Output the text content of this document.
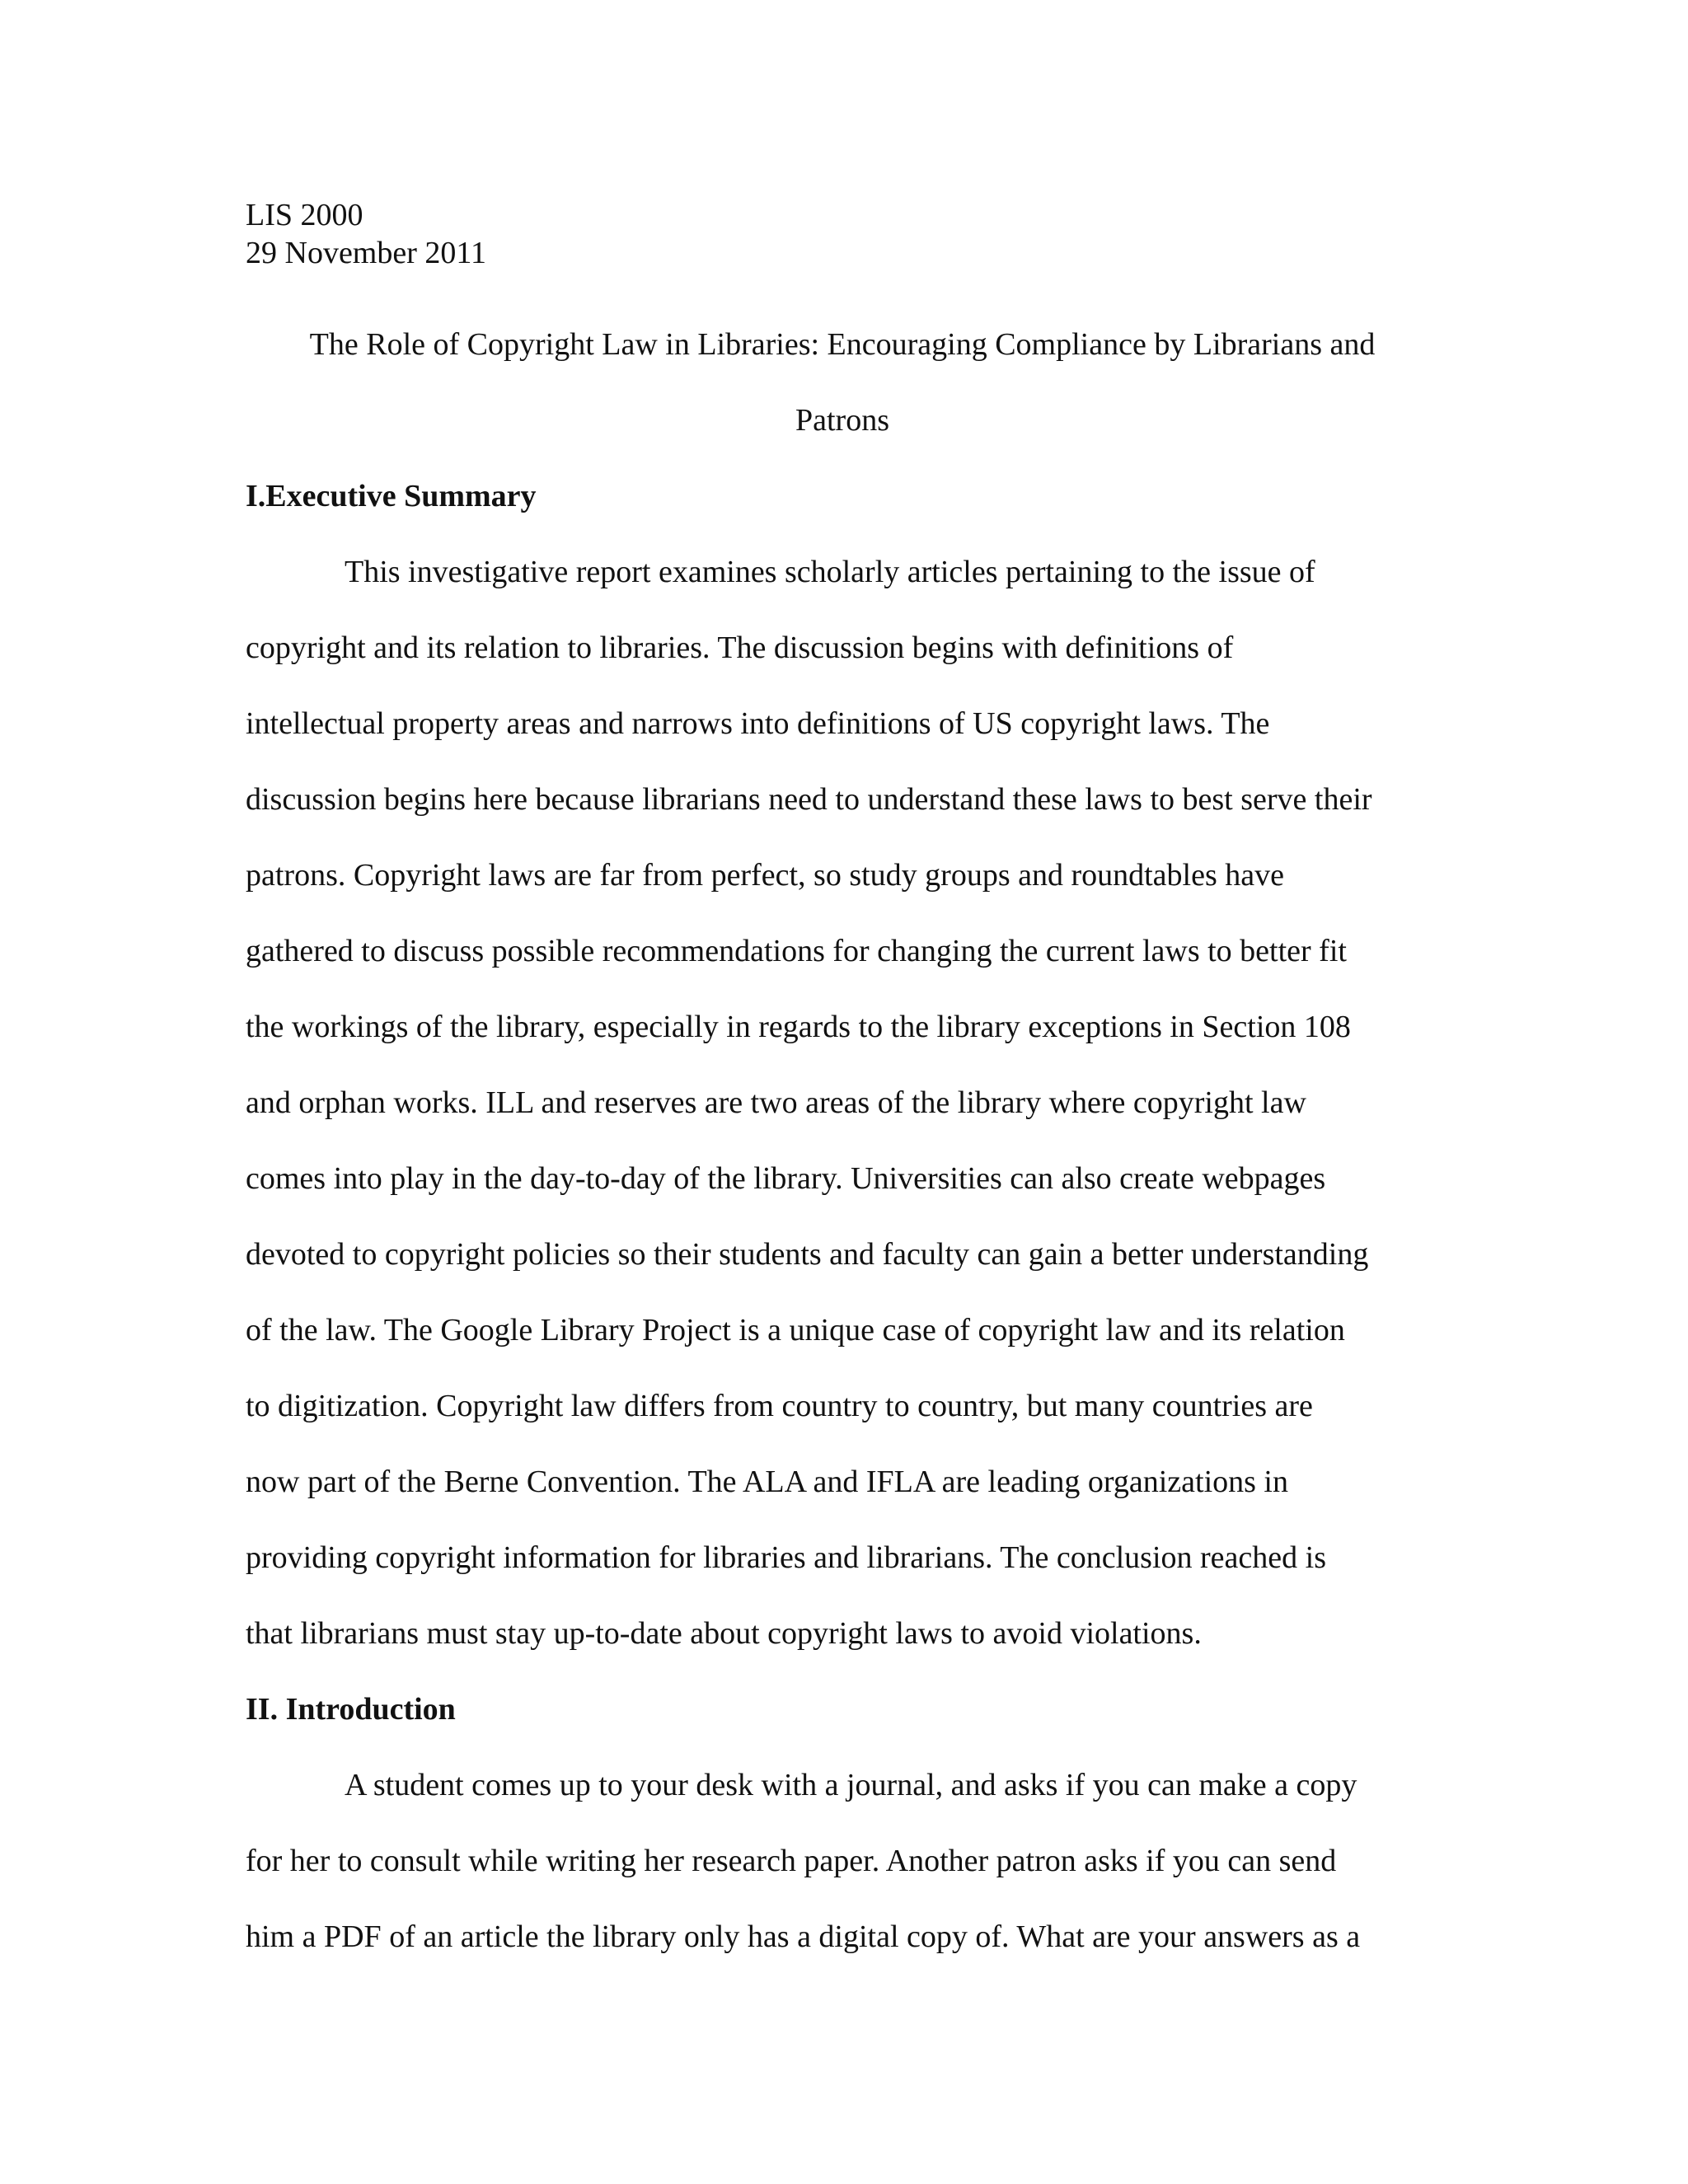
LIS 2000
29 November 2011
The Role of Copyright Law in Libraries: Encouraging Compliance by Librarians and
Patrons
I.Executive Summary
This investigative report examines scholarly articles pertaining to the issue of
copyright and its relation to libraries. The discussion begins with definitions of
intellectual property areas and narrows into definitions of US copyright laws. The
discussion begins here because librarians need to understand these laws to best serve their
patrons. Copyright laws are far from perfect, so study groups and roundtables have
gathered to discuss possible recommendations for changing the current laws to better fit
the workings of the library, especially in regards to the library exceptions in Section 108
and orphan works. ILL and reserves are two areas of the library where copyright law
comes into play in the day-to-day of the library. Universities can also create webpages
devoted to copyright policies so their students and faculty can gain a better understanding
of the law. The Google Library Project is a unique case of copyright law and its relation
to digitization. Copyright law differs from country to country, but many countries are
now part of the Berne Convention. The ALA and IFLA are leading organizations in
providing copyright information for libraries and librarians. The conclusion reached is
that librarians must stay up-to-date about copyright laws to avoid violations.
II. Introduction
A student comes up to your desk with a journal, and asks if you can make a copy
for her to consult while writing her research paper. Another patron asks if you can send
him a PDF of an article the library only has a digital copy of. What are your answers as a
